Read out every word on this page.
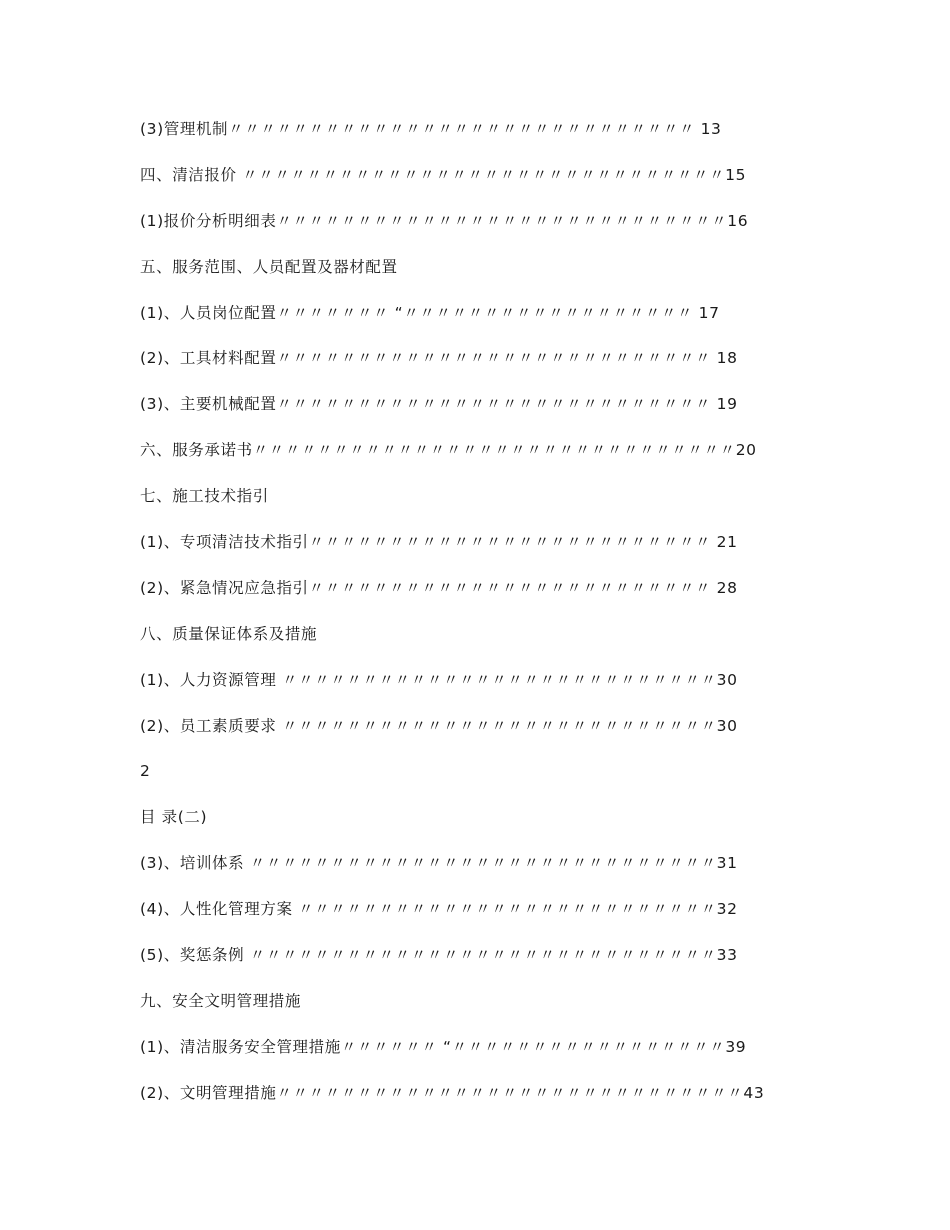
(3)管理机制〃〃〃〃〃〃〃〃〃〃〃〃〃〃〃〃〃〃〃〃〃〃〃〃〃〃〃〃〃 13
四、清洁报价 〃〃〃〃〃〃〃〃〃〃〃〃〃〃〃〃〃〃〃〃〃〃〃〃〃〃〃〃〃〃15
(1)报价分析明细表〃〃〃〃〃〃〃〃〃〃〃〃〃〃〃〃〃〃〃〃〃〃〃〃〃〃〃〃16
五、服务范围、人员配置及器材配置
(1)、人员岗位配置〃〃〃〃〃〃〃 “〃〃〃〃〃〃〃〃〃〃〃〃〃〃〃〃〃〃 17
(2)、工具材料配置〃〃〃〃〃〃〃〃〃〃〃〃〃〃〃〃〃〃〃〃〃〃〃〃〃〃〃 18
(3)、主要机械配置〃〃〃〃〃〃〃〃〃〃〃〃〃〃〃〃〃〃〃〃〃〃〃〃〃〃〃 19
六、服务承诺书〃〃〃〃〃〃〃〃〃〃〃〃〃〃〃〃〃〃〃〃〃〃〃〃〃〃〃〃〃〃20
七、施工技术指引
(1)、专项清洁技术指引〃〃〃〃〃〃〃〃〃〃〃〃〃〃〃〃〃〃〃〃〃〃〃〃〃 21
(2)、紧急情况应急指引〃〃〃〃〃〃〃〃〃〃〃〃〃〃〃〃〃〃〃〃〃〃〃〃〃 28
八、质量保证体系及措施
(1)、人力资源管理 〃〃〃〃〃〃〃〃〃〃〃〃〃〃〃〃〃〃〃〃〃〃〃〃〃〃〃30
(2)、员工素质要求 〃〃〃〃〃〃〃〃〃〃〃〃〃〃〃〃〃〃〃〃〃〃〃〃〃〃〃30
2
目 录(二)
(3)、培训体系 〃〃〃〃〃〃〃〃〃〃〃〃〃〃〃〃〃〃〃〃〃〃〃〃〃〃〃〃〃31
(4)、人性化管理方案 〃〃〃〃〃〃〃〃〃〃〃〃〃〃〃〃〃〃〃〃〃〃〃〃〃〃32
(5)、奖惩条例 〃〃〃〃〃〃〃〃〃〃〃〃〃〃〃〃〃〃〃〃〃〃〃〃〃〃〃〃〃33
九、安全文明管理措施
(1)、清洁服务安全管理措施〃〃〃〃〃〃 “〃〃〃〃〃〃〃〃〃〃〃〃〃〃〃〃〃39
(2)、文明管理措施〃〃〃〃〃〃〃〃〃〃〃〃〃〃〃〃〃〃〃〃〃〃〃〃〃〃〃〃〃43
